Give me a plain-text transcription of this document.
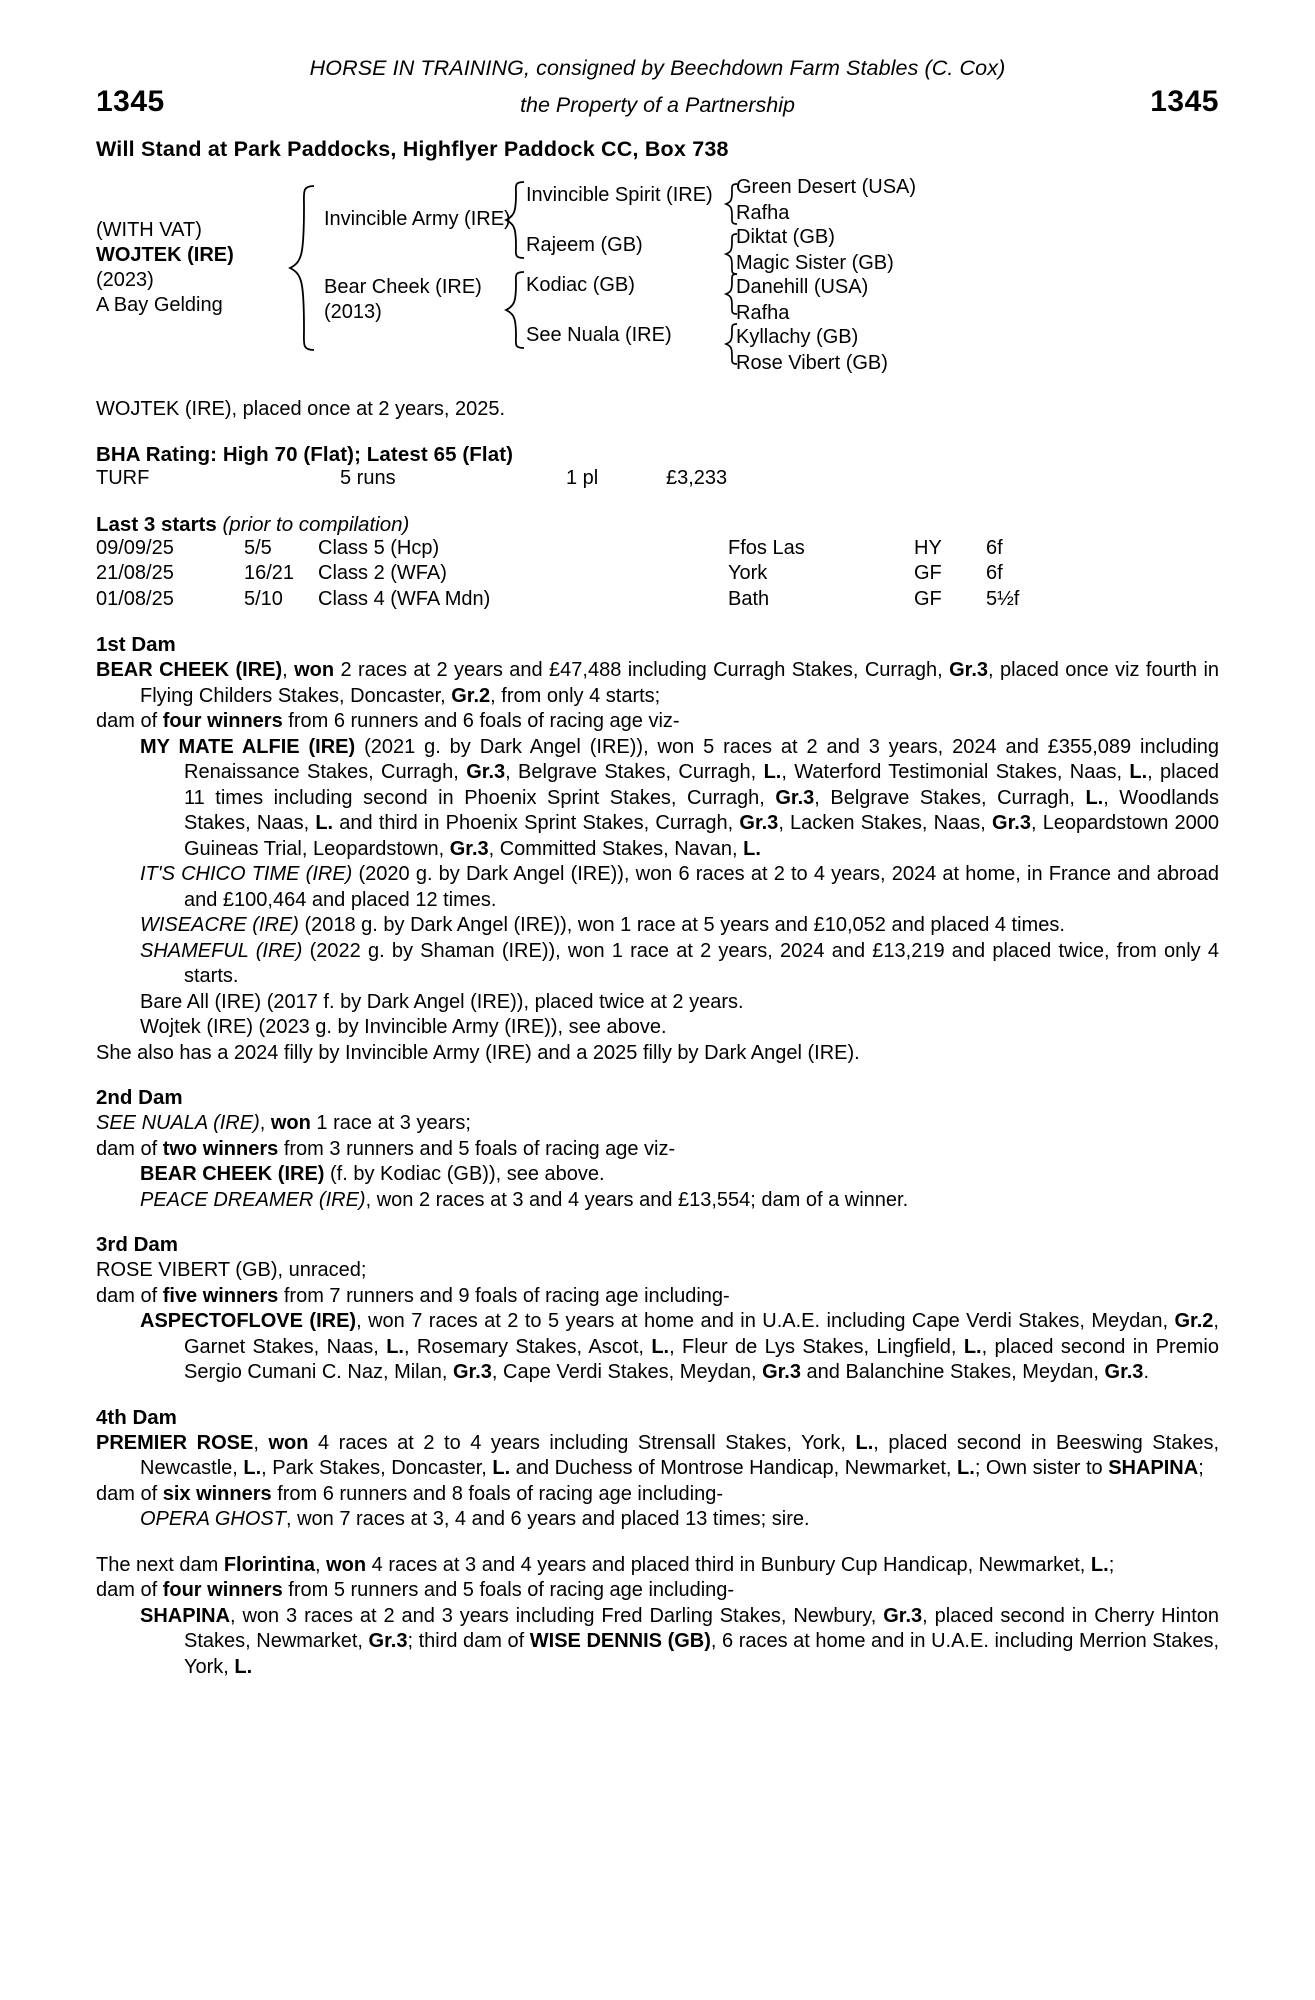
HORSE IN TRAINING, consigned by Beechdown Farm Stables (C. Cox)
1345	the Property of a Partnership	1345
Will Stand at Park Paddocks, Highflyer Paddock CC, Box 738
(WITH VAT)
WOJTEK (IRE)
(2023)
A Bay Gelding
Invincible Army (IRE)
Bear Cheek (IRE)
(2013)
Invincible Spirit (IRE)
Rajeem (GB)
Kodiac (GB)
See Nuala (IRE)
Green Desert (USA)
Rafha
Diktat (GB)
Magic Sister (GB)
Danehill (USA)
Rafha
Kyllachy (GB)
Rose Vibert (GB)
WOJTEK (IRE), placed once at 2 years, 2025.
BHA Rating: High 70 (Flat); Latest 65 (Flat)
TURF	5 runs	1 pl	£3,233
Last 3 starts (prior to compilation)
09/09/25	5/5 Class 5 (Hcp)	Ffos Las	HY 6f
21/08/25	16/21 Class 2 (WFA)	York	GF 6f
01/08/25	5/10 Class 4 (WFA Mdn)	Bath	GF 5½f
1st Dam
BEAR CHEEK (IRE), won 2 races at 2 years and £47,488 including Curragh Stakes, Curragh, Gr.3, placed once viz fourth in Flying Childers Stakes, Doncaster, Gr.2, from only 4 starts;
dam of four winners from 6 runners and 6 foals of racing age viz-
MY MATE ALFIE (IRE) (2021 g. by Dark Angel (IRE)), won 5 races at 2 and 3 years, 2024 and £355,089 including Renaissance Stakes, Curragh, Gr.3, Belgrave Stakes, Curragh, L., Waterford Testimonial Stakes, Naas, L., placed 11 times including second in Phoenix Sprint Stakes, Curragh, Gr.3, Belgrave Stakes, Curragh, L., Woodlands Stakes, Naas, L. and third in Phoenix Sprint Stakes, Curragh, Gr.3, Lacken Stakes, Naas, Gr.3, Leopardstown 2000 Guineas Trial, Leopardstown, Gr.3, Committed Stakes, Navan, L.
IT'S CHICO TIME (IRE) (2020 g. by Dark Angel (IRE)), won 6 races at 2 to 4 years, 2024 at home, in France and abroad and £100,464 and placed 12 times.
WISEACRE (IRE) (2018 g. by Dark Angel (IRE)), won 1 race at 5 years and £10,052 and placed 4 times.
SHAMEFUL (IRE) (2022 g. by Shaman (IRE)), won 1 race at 2 years, 2024 and £13,219 and placed twice, from only 4 starts.
Bare All (IRE) (2017 f. by Dark Angel (IRE)), placed twice at 2 years.
Wojtek (IRE) (2023 g. by Invincible Army (IRE)), see above.
She also has a 2024 filly by Invincible Army (IRE) and a 2025 filly by Dark Angel (IRE).
2nd Dam
SEE NUALA (IRE), won 1 race at 3 years;
dam of two winners from 3 runners and 5 foals of racing age viz-
BEAR CHEEK (IRE) (f. by Kodiac (GB)), see above.
PEACE DREAMER (IRE), won 2 races at 3 and 4 years and £13,554; dam of a winner.
3rd Dam
ROSE VIBERT (GB), unraced;
dam of five winners from 7 runners and 9 foals of racing age including-
ASPECTOFLOVE (IRE), won 7 races at 2 to 5 years at home and in U.A.E. including Cape Verdi Stakes, Meydan, Gr.2, Garnet Stakes, Naas, L., Rosemary Stakes, Ascot, L., Fleur de Lys Stakes, Lingfield, L., placed second in Premio Sergio Cumani C. Naz, Milan, Gr.3, Cape Verdi Stakes, Meydan, Gr.3 and Balanchine Stakes, Meydan, Gr.3.
4th Dam
PREMIER ROSE, won 4 races at 2 to 4 years including Strensall Stakes, York, L., placed second in Beeswing Stakes, Newcastle, L., Park Stakes, Doncaster, L. and Duchess of Montrose Handicap, Newmarket, L.; Own sister to SHAPINA;
dam of six winners from 6 runners and 8 foals of racing age including-
OPERA GHOST, won 7 races at 3, 4 and 6 years and placed 13 times; sire.
The next dam Florintina, won 4 races at 3 and 4 years and placed third in Bunbury Cup Handicap, Newmarket, L.;
dam of four winners from 5 runners and 5 foals of racing age including-
SHAPINA, won 3 races at 2 and 3 years including Fred Darling Stakes, Newbury, Gr.3, placed second in Cherry Hinton Stakes, Newmarket, Gr.3; third dam of WISE DENNIS (GB), 6 races at home and in U.A.E. including Merrion Stakes, York, L.
